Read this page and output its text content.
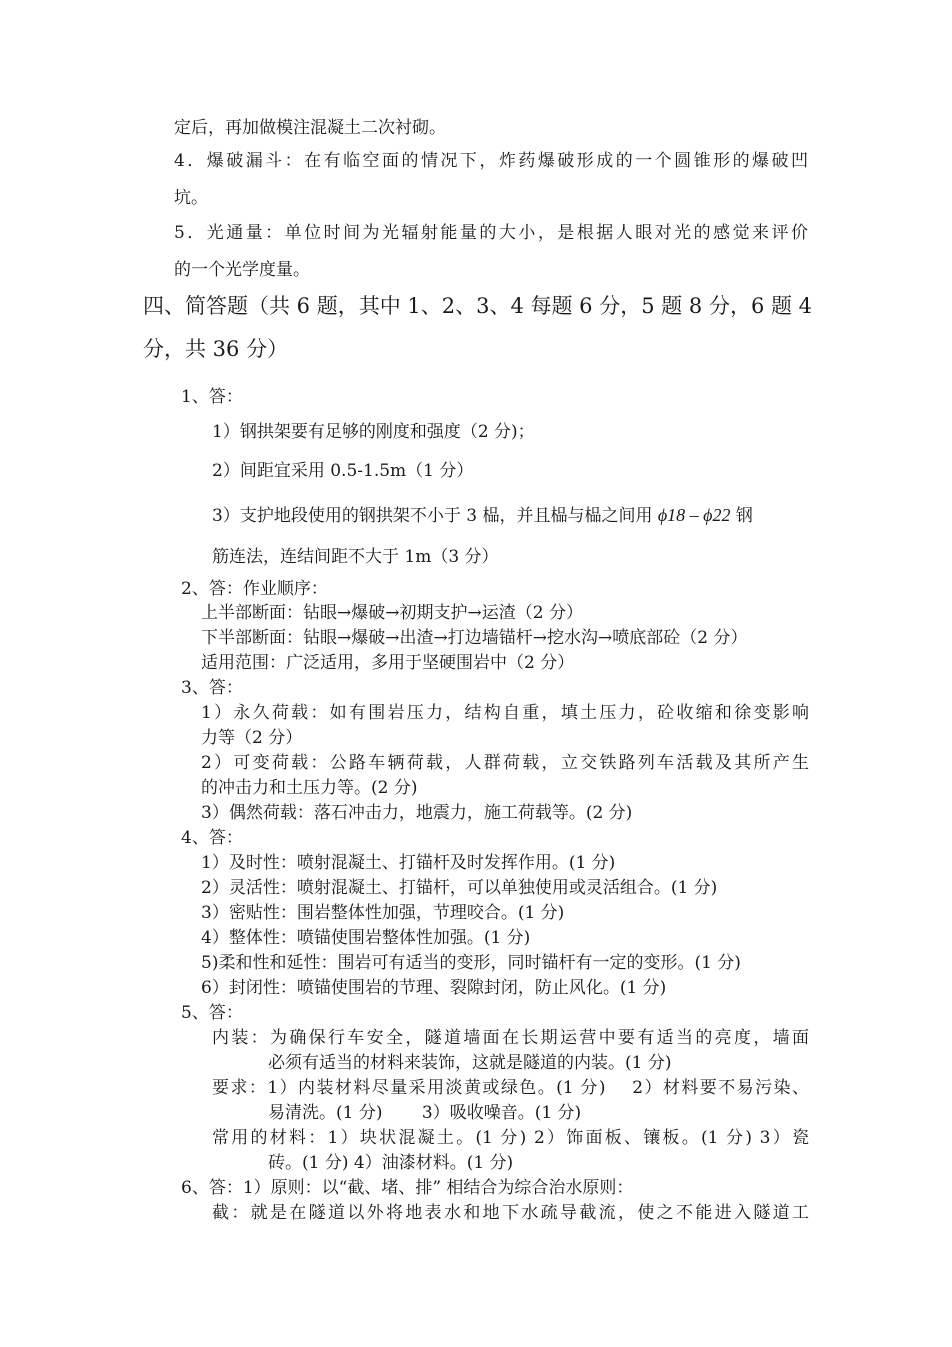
定后，再加做模注混凝土二次衬砌。
4．爆破漏斗：在有临空面的情况下，炸药爆破形成的一个圆锥形的爆破凹
坑。
5．光通量：单位时间为光辐射能量的大小，是根据人眼对光的感觉来评价
的一个光学度量。
四、简答题（共 6 题，其中 1、2、3、4 每题 6 分，5 题 8 分，6 题 4
分，共 36 分）
1、答：
1）钢拱架要有足够的刚度和强度（2 分)；
2）间距宜采用 0.5-1.5m（1 分）
3）支护地段使用的钢拱架不小于 3 榀，并且榀与榀之间用 ϕ18 – ϕ22 钢
筋连法，连结间距不大于 1m（3 分）
2、答：作业顺序：
上半部断面：钻眼→爆破→初期支护→运渣（2 分）
下半部断面：钻眼→爆破→出渣→打边墙锚杆→挖水沟→喷底部砼（2 分）
适用范围：广泛适用，多用于坚硬围岩中（2 分）
3、答：
1）永久荷载：如有围岩压力，结构自重，填土压力，砼收缩和徐变影响
力等（2 分）
2）可变荷载：公路车辆荷载，人群荷载，立交铁路列车活载及其所产生
的冲击力和土压力等。(2 分)
3）偶然荷载：落石冲击力，地震力，施工荷载等。(2 分)
4、答：
1）及时性：喷射混凝土、打锚杆及时发挥作用。(1 分)
2）灵活性：喷射混凝土、打锚杆，可以单独使用或灵活组合。(1 分)
3）密贴性：围岩整体性加强，节理咬合。(1 分)
4）整体性：喷锚使围岩整体性加强。(1 分)
5)柔和性和延性：围岩可有适当的变形，同时锚杆有一定的变形。(1 分)
6）封闭性：喷锚使围岩的节理、裂隙封闭，防止风化。(1 分)
5、答：
内装：为确保行车安全，隧道墙面在长期运营中要有适当的亮度，墙面
必须有适当的材料来装饰，这就是隧道的内装。(1 分)
要求：1）内装材料尽量采用淡黄或绿色。(1 分)　 2）材料要不易污染、
易清洗。(1 分)　　 3）吸收噪音。(1 分)
常用的材料：1）块状混凝土。(1 分) 2）饰面板、镶板。(1 分) 3）瓷
砖。(1 分) 4）油漆材料。(1 分)
6、答：1）原则：以“截、堵、排” 相结合为综合治水原则：
截：就是在隧道以外将地表水和地下水疏导截流，使之不能进入隧道工
